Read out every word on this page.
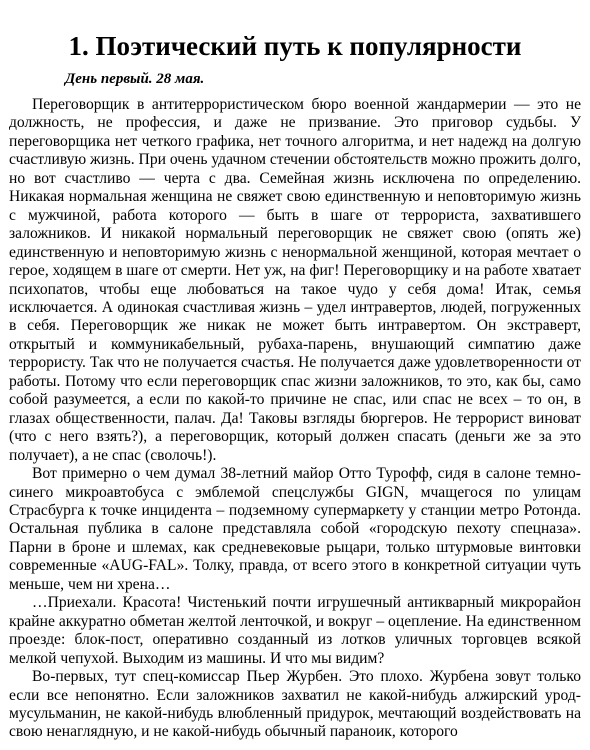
1. Поэтический путь к популярности
День первый. 28 мая.

Переговорщик в антитеррористическом бюро военной жандармерии — это не должность, не профессия, и даже не призвание. Это приговор судьбы. У переговорщика нет четкого графика, нет точного алгоритма, и нет надежд на долгую счастливую жизнь. При очень удачном стечении обстоятельств можно прожить долго, но вот счастливо — черта с два. Семейная жизнь исключена по определению. Никакая нормальная женщина не свяжет свою единственную и неповторимую жизнь с мужчиной, работа которого — быть в шаге от террориста, захватившего заложников. И никакой нормальный переговорщик не свяжет свою (опять же) единственную и неповторимую жизнь с ненормальной женщиной, которая мечтает о герое, ходящем в шаге от смерти. Нет уж, на фиг! Переговорщику и на работе хватает психопатов, чтобы еще любоваться на такое чудо у себя дома! Итак, семья исключается. А одинокая счастливая жизнь – удел интравертов, людей, погруженных в себя. Переговорщик же никак не может быть интравертом. Он экстраверт, открытый и коммуникабельный, рубаха-парень, внушающий симпатию даже террористу. Так что не получается счастья. Не получается даже удовлетворенности от работы. Потому что если переговорщик спас жизни заложников, то это, как бы, само собой разумеется, а если по какой-то причине не спас, или спас не всех – то он, в глазах общественности, палач. Да! Таковы взгляды бюргеров. Не террорист виноват (что с него взять?), а переговорщик, который должен спасать (деньги же за это получает), а не спас (сволочь!).

Вот примерно о чем думал 38-летний майор Отто Турофф, сидя в салоне темно-синего микроавтобуса с эмблемой спецслужбы GIGN, мчащегося по улицам Страсбурга к точке инцидента – подземному супермаркету у станции метро Ротонда. Остальная публика в салоне представляла собой «городскую пехоту спецназа». Парни в броне и шлемах, как средневековые рыцари, только штурмовые винтовки современные «AUG-FAL». Толку, правда, от всего этого в конкретной ситуации чуть меньше, чем ни хрена…

…Приехали. Красота! Чистенький почти игрушечный антикварный микрорайон крайне аккуратно обметан желтой ленточкой, и вокруг – оцепление. На единственном проезде: блок-пост, оперативно созданный из лотков уличных торговцев всякой мелкой чепухой. Выходим из машины. И что мы видим?

Во-первых, тут спец-комиссар Пьер Журбен. Это плохо. Журбена зовут только если все непонятно. Если заложников захватил не какой-нибудь алжирский урод-мусульманин, не какой-нибудь влюбленный придурок, мечтающий воздействовать на свою ненаглядную, и не какой-нибудь обычный параноик, которого
